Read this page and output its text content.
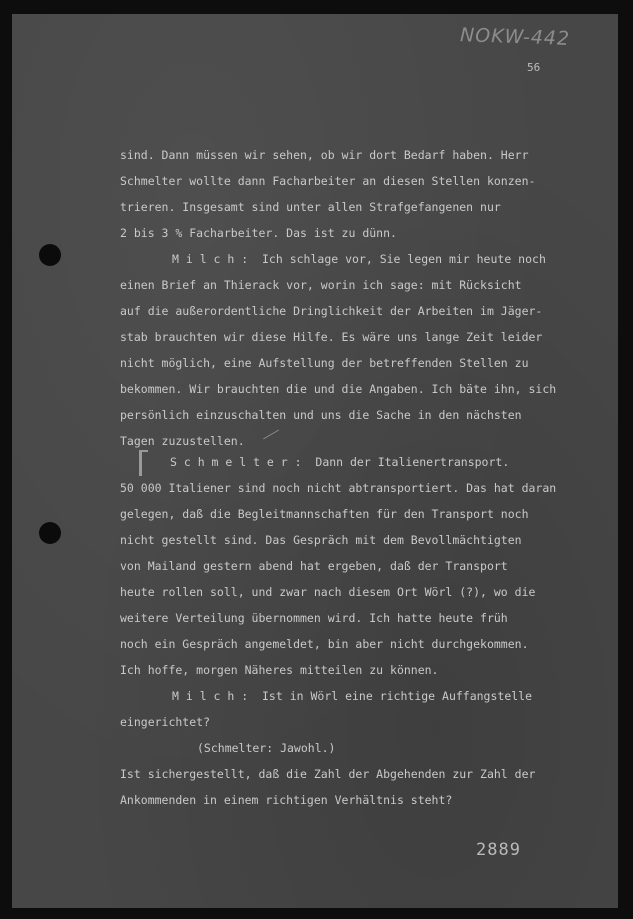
NOKW-442
56

sind. Dann müssen wir sehen, ob wir dort Bedarf haben. Herr

Schmelter wollte dann Facharbeiter an diesen Stellen konzen-

trieren. Insgesamt sind unter allen Strafgefangenen nur

2 bis 3 % Facharbeiter. Das ist zu dünn.

M i l c h :  Ich schlage vor, Sie legen mir heute noch

einen Brief an Thierack vor, worin ich sage: mit Rücksicht

auf die außerordentliche Dringlichkeit der Arbeiten im Jäger-

stab brauchten wir diese Hilfe. Es wäre uns lange Zeit leider

nicht möglich, eine Aufstellung der betreffenden Stellen zu

bekommen. Wir brauchten die und die Angaben. Ich bäte ihn, sich

persönlich einzuschalten und uns die Sache in den nächsten

Tagen zuzustellen.

S c h m e l t e r :  Dann der Italienertransport.

50 000 Italiener sind noch nicht abtransportiert. Das hat daran

gelegen, daß die Begleitmannschaften für den Transport noch

nicht gestellt sind. Das Gespräch mit dem Bevollmächtigten

von Mailand gestern abend hat ergeben, daß der Transport

heute rollen soll, und zwar nach diesem Ort Wörl (?), wo die

weitere Verteilung übernommen wird. Ich hatte heute früh

noch ein Gespräch angemeldet, bin aber nicht durchgekommen.

Ich hoffe, morgen Näheres mitteilen zu können.

M i l c h :  Ist in Wörl eine richtige Auffangstelle

eingerichtet?

(Schmelter: Jawohl.)

Ist sichergestellt, daß die Zahl der Abgehenden zur Zahl der

Ankommenden in einem richtigen Verhältnis steht?

2889
